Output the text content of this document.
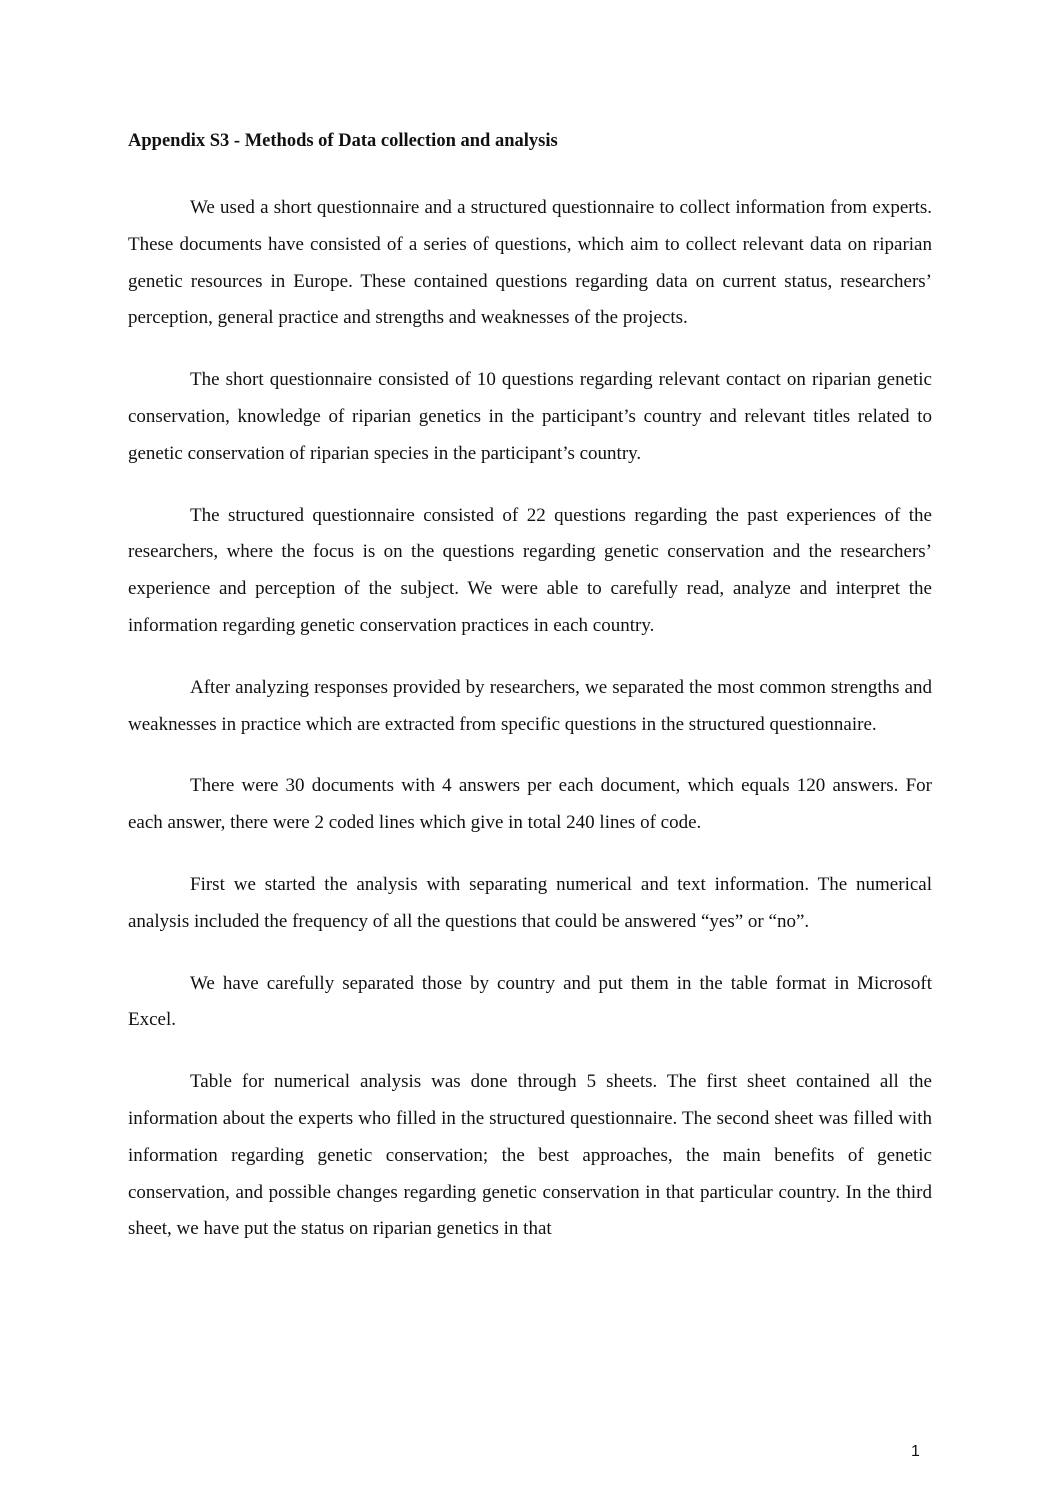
Appendix S3 - Methods of Data collection and analysis

We used a short questionnaire and a structured questionnaire to collect information from experts. These documents have consisted of a series of questions, which aim to collect relevant data on riparian genetic resources in Europe. These contained questions regarding data on current status, researchers’ perception, general practice and strengths and weaknesses of the projects.

The short questionnaire consisted of 10 questions regarding relevant contact on riparian genetic conservation, knowledge of riparian genetics in the participant’s country and relevant titles related to genetic conservation of riparian species in the participant’s country.

The structured questionnaire consisted of 22 questions regarding the past experiences of the researchers, where the focus is on the questions regarding genetic conservation and the researchers’ experience and perception of the subject. We were able to carefully read, analyze and interpret the information regarding genetic conservation practices in each country.

After analyzing responses provided by researchers, we separated the most common strengths and weaknesses in practice which are extracted from specific questions in the structured questionnaire.

There were 30 documents with 4 answers per each document, which equals 120 answers. For each answer, there were 2 coded lines which give in total 240 lines of code.

First we started the analysis with separating numerical and text information. The numerical analysis included the frequency of all the questions that could be answered “yes” or “no”.

We have carefully separated those by country and put them in the table format in Microsoft Excel.

Table for numerical analysis was done through 5 sheets. The first sheet contained all the information about the experts who filled in the structured questionnaire. The second sheet was filled with information regarding genetic conservation; the best approaches, the main benefits of genetic conservation, and possible changes regarding genetic conservation in that particular country. In the third sheet, we have put the status on riparian genetics in that

1
